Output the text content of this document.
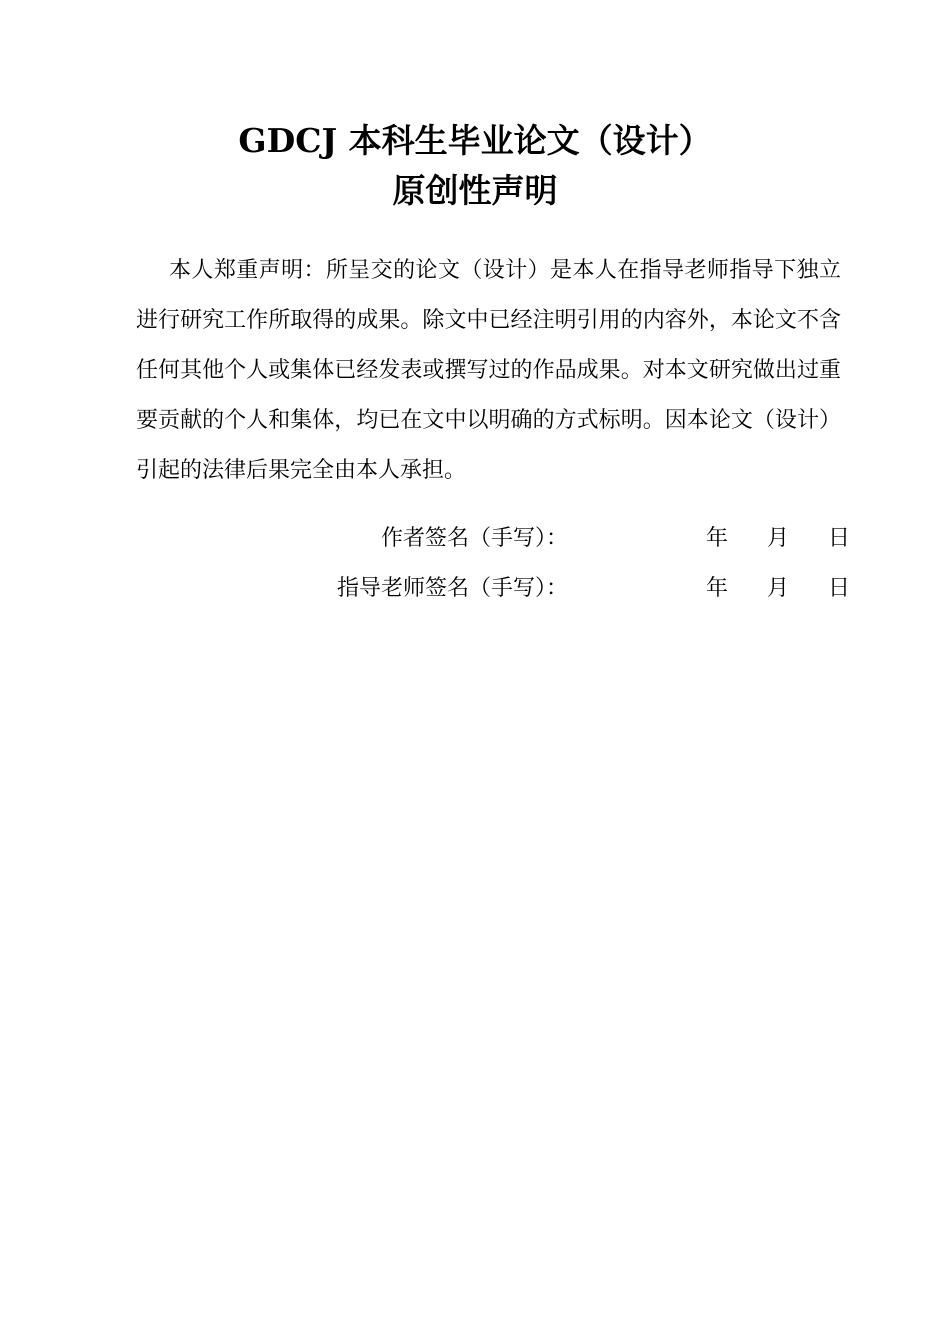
GDCJ 本科生毕业论文（设计）
原创性声明

本人郑重声明：所呈交的论文（设计）是本人在指导老师指导下独立进行研究工作所取得的成果。除文中已经注明引用的内容外，本论文不含任何其他个人或集体已经发表或撰写过的作品成果。对本文研究做出过重要贡献的个人和集体，均已在文中以明确的方式标明。因本论文（设计）引起的法律后果完全由本人承担。

作者签名（手写）：	年 月 日
指导老师签名（手写）：	年 月 日
